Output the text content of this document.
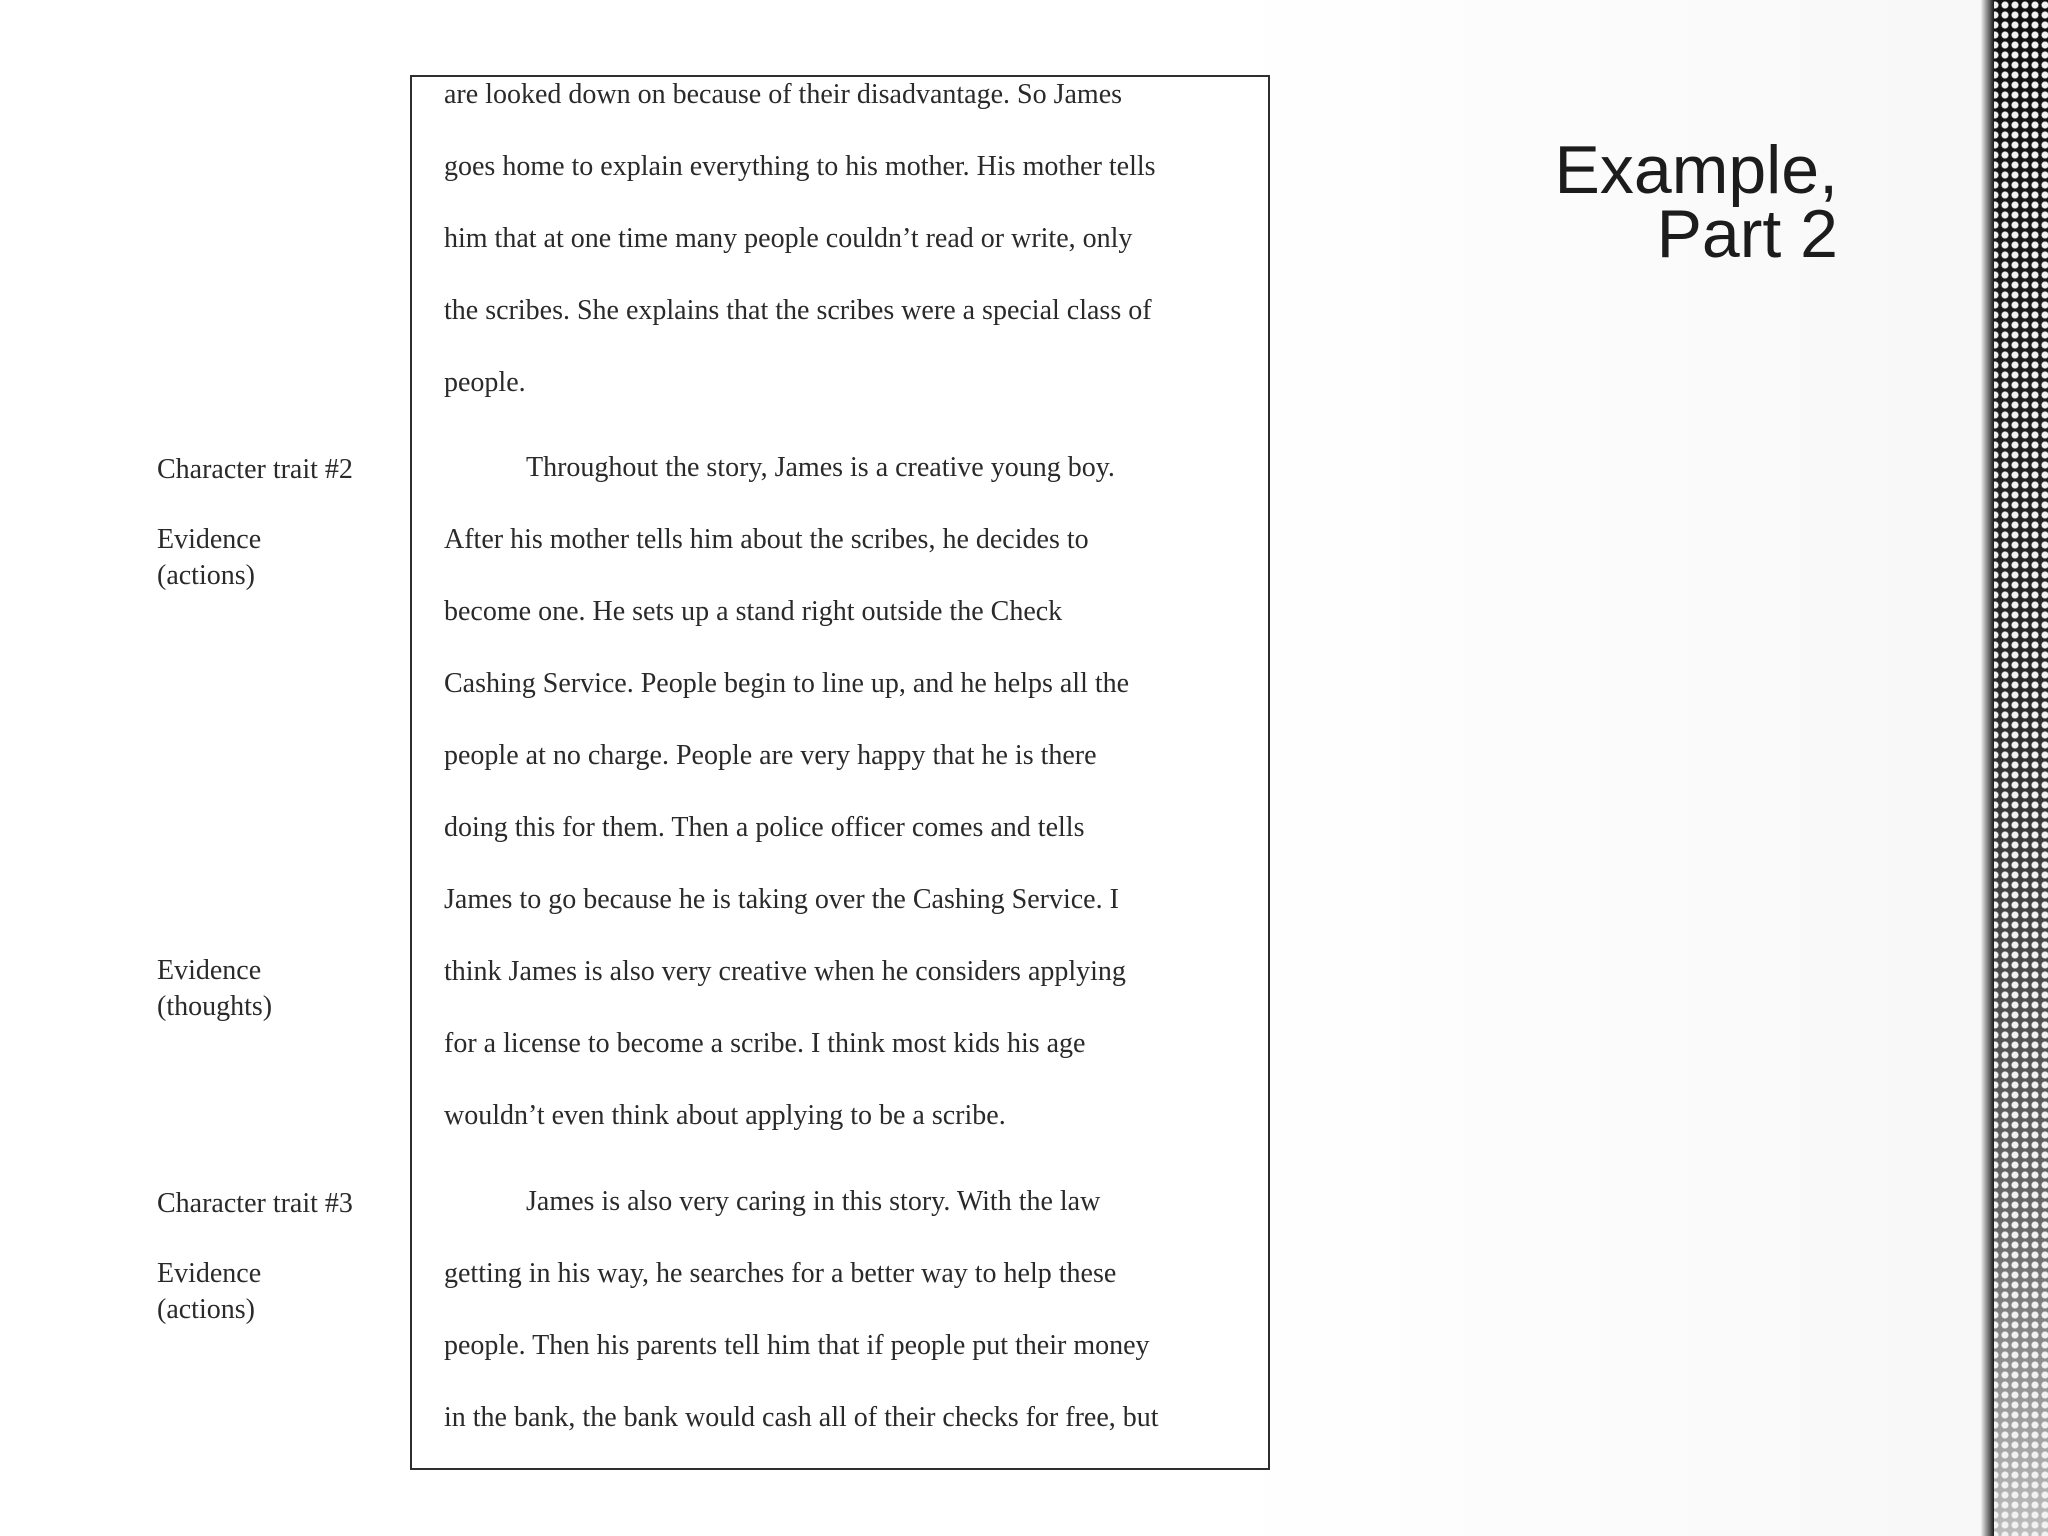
Example,
Part 2
are looked down on because of their disadvantage. So James
goes home to explain everything to his mother. His mother tells
him that at one time many people couldn’t read or write, only
the scribes. She explains that the scribes were a special class of
people.
Throughout the story, James is a creative young boy.
After his mother tells him about the scribes, he decides to
become one. He sets up a stand right outside the Check
Cashing Service. People begin to line up, and he helps all the
people at no charge. People are very happy that he is there
doing this for them. Then a police officer comes and tells
James to go because he is taking over the Cashing Service. I
think James is also very creative when he considers applying
for a license to become a scribe. I think most kids his age
wouldn’t even think about applying to be a scribe.
James is also very caring in this story. With the law
getting in his way, he searches for a better way to help these
people. Then his parents tell him that if people put their money
in the bank, the bank would cash all of their checks for free, but
Character trait #2
Evidence
(actions)
Evidence
(thoughts)
Character trait #3
Evidence
(actions)
